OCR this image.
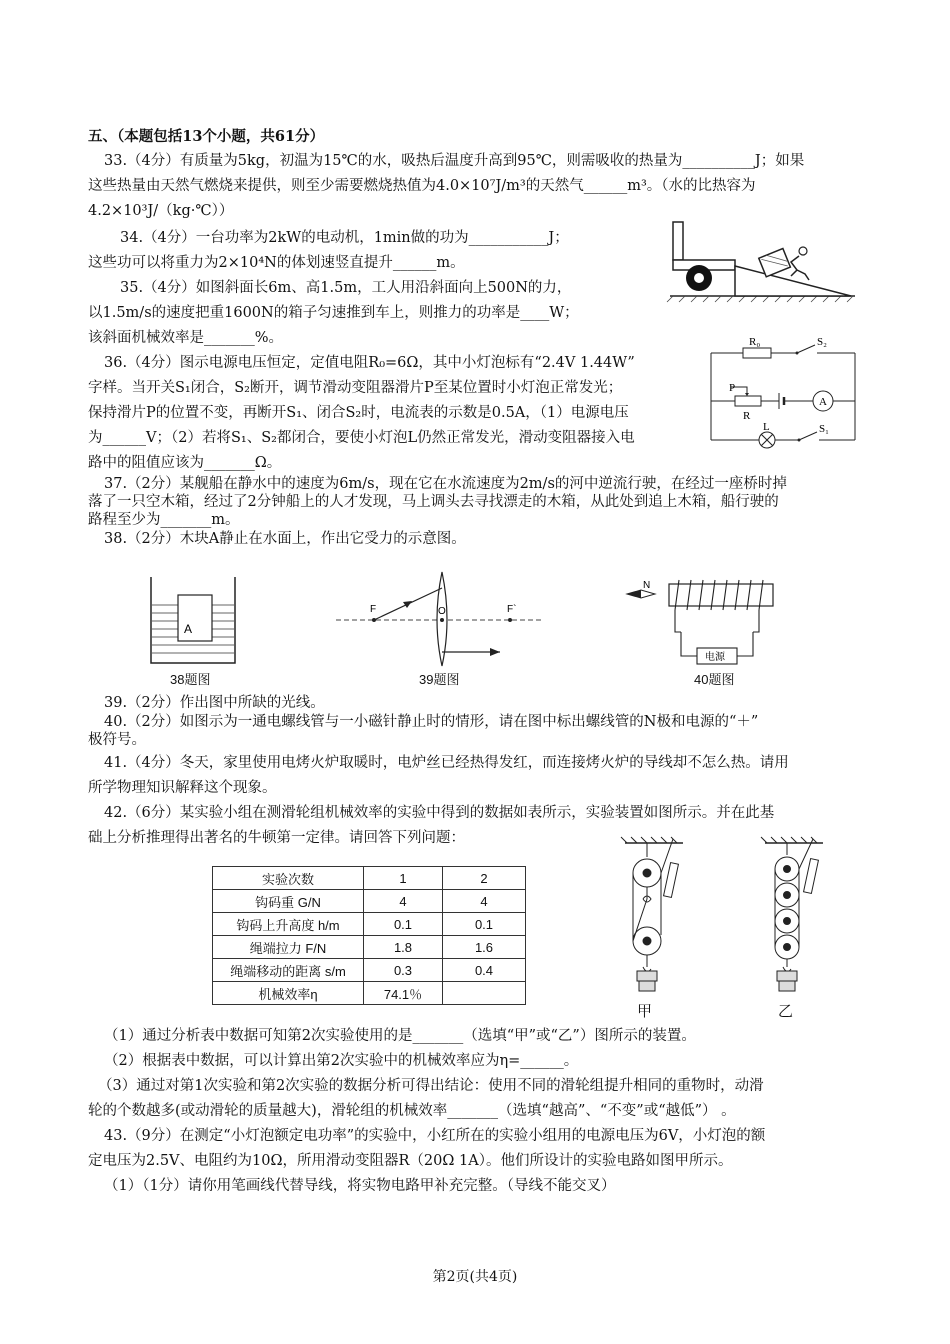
五、（本题包括13个小题，共61分）
33.（4分）有质量为5kg，初温为15℃的水，吸热后温度升高到95℃，则需吸收的热量为__________J；如果
这些热量由天然气燃烧来提供，则至少需要燃烧热值为4.0×10⁷J/m³的天然气______m³。（水的比热容为
4.2×10³J/（kg·℃））
34.（4分）一台功率为2kW的电动机，1min做的功为___________J；
这些功可以将重力为2×10⁴N的体划速竖直提升______m。
35.（4分）如图斜面长6m、高1.5m，工人用沿斜面向上500N的力，
以1.5m/s的速度把重1600N的箱子匀速推到车上，则推力的功率是____W；
该斜面机械效率是_______%。
36.（4分）图示电源电压恒定，定值电阻R₀=6Ω，其中小灯泡标有“2.4V 1.44W”
字样。当开关S₁闭合，S₂断开，调节滑动变阻器滑片P至某位置时小灯泡正常发光；
保持滑片P的位置不变，再断开S₁、闭合S₂时，电流表的示数是0.5A，（1）电源电压
为______V；（2）若将S₁、S₂都闭合，要使小灯泡L仍然正常发光，滑动变阻器接入电
路中的阻值应该为_______Ω。
R₀	S₂
P
R
A
L	S₁
37.（2分）某舰船在静水中的速度为6m/s，现在它在水流速度为2m/s的河中逆流行驶，在经过一座桥时掉
落了一只空木箱，经过了2分钟船上的人才发现，马上调头去寻找漂走的木箱，从此处到追上木箱，船行驶的
路程至少为_______m。
38.（2分）木块A静止在水面上，作出它受力的示意图。
A
38题图
F	O	F`
39题图
N
电源
40题图
39.（2分）作出图中所缺的光线。
40.（2分）如图示为一通电螺线管与一小磁针静止时的情形，请在图中标出螺线管的N极和电源的“＋”
极符号。
41.（4分）冬天，家里使用电烤火炉取暖时，电炉丝已经热得发红，而连接烤火炉的导线却不怎么热。请用
所学物理知识解释这个现象。
42.（6分）某实验小组在测滑轮组机械效率的实验中得到的数据如表所示，实验装置如图所示。并在此基
础上分析推理得出著名的牛顿第一定律。请回答下列问题：
实验次数	1	2
钩码重 G/N	4	4
钩码上升高度 h/m	0.1	0.1
绳端拉力 F/N	1.8	1.6
绳端移动的距离 s/m	0.3	0.4
机械效率η	74.1％	
甲	乙
（1）通过分析表中数据可知第2次实验使用的是_______（选填“甲”或“乙”）图所示的装置。
（2）根据表中数据，可以计算出第2次实验中的机械效率应为η=______。
（3）通过对第1次实验和第2次实验的数据分析可得出结论：使用不同的滑轮组提升相同的重物时，动滑
轮的个数越多(或动滑轮的质量越大)，滑轮组的机械效率_______（选填“越高”、“不变”或“越低”） 。
43.（9分）在测定“小灯泡额定电功率”的实验中，小红所在的实验小组用的电源电压为6V，小灯泡的额
定电压为2.5V、电阻约为10Ω，所用滑动变阻器R（20Ω 1A）。他们所设计的实验电路如图甲所示。
（1）（1分）请你用笔画线代替导线，将实物电路甲补充完整。（导线不能交叉）
第2页(共4页)
